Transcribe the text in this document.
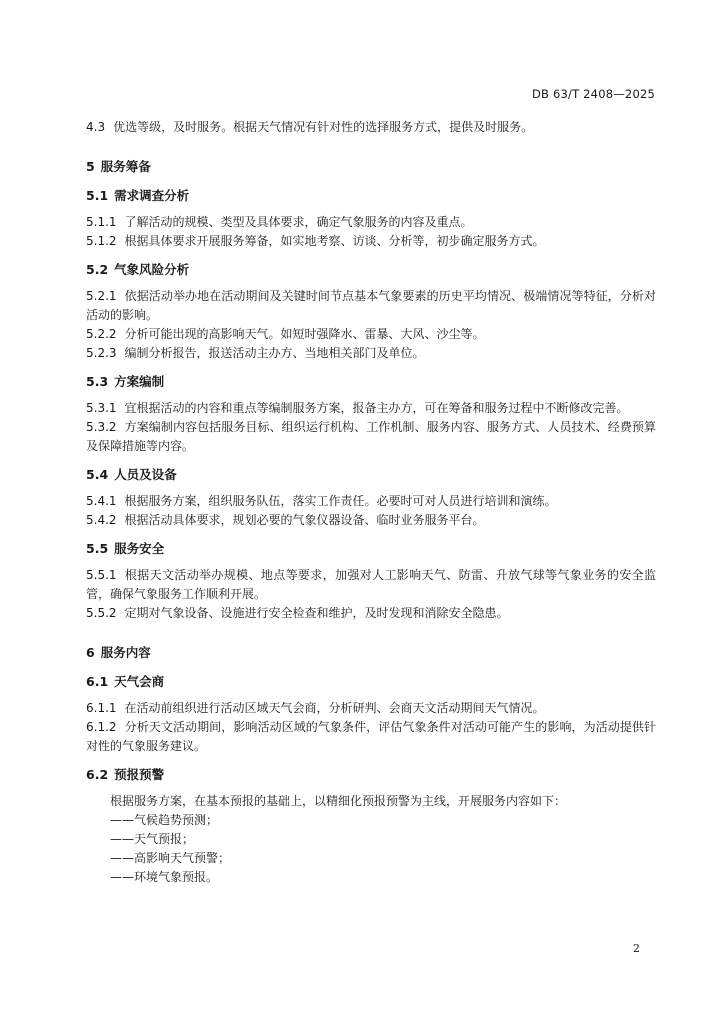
DB 63/T 2408—2025
4.3 优选等级，及时服务。根据天气情况有针对性的选择服务方式，提供及时服务。
5 服务筹备
5.1 需求调查分析
5.1.1 了解活动的规模、类型及具体要求，确定气象服务的内容及重点。
5.1.2 根据具体要求开展服务筹备，如实地考察、访谈、分析等，初步确定服务方式。
5.2 气象风险分析
5.2.1 依据活动举办地在活动期间及关键时间节点基本气象要素的历史平均情况、极端情况等特征，分析对活动的影响。
5.2.2 分析可能出现的高影响天气。如短时强降水、雷暴、大风、沙尘等。
5.2.3 编制分析报告，报送活动主办方、当地相关部门及单位。
5.3 方案编制
5.3.1 宜根据活动的内容和重点等编制服务方案，报备主办方，可在筹备和服务过程中不断修改完善。
5.3.2 方案编制内容包括服务目标、组织运行机构、工作机制、服务内容、服务方式、人员技术、经费预算及保障措施等内容。
5.4 人员及设备
5.4.1 根据服务方案，组织服务队伍，落实工作责任。必要时可对人员进行培训和演练。
5.4.2 根据活动具体要求，规划必要的气象仪器设备、临时业务服务平台。
5.5 服务安全
5.5.1 根据天文活动举办规模、地点等要求，加强对人工影响天气、防雷、升放气球等气象业务的安全监管，确保气象服务工作顺利开展。
5.5.2 定期对气象设备、设施进行安全检查和维护，及时发现和消除安全隐患。
6 服务内容
6.1 天气会商
6.1.1 在活动前组织进行活动区域天气会商，分析研判、会商天文活动期间天气情况。
6.1.2 分析天文活动期间，影响活动区域的气象条件，评估气象条件对活动可能产生的影响，为活动提供针对性的气象服务建议。
6.2 预报预警
根据服务方案，在基本预报的基础上，以精细化预报预警为主线，开展服务内容如下：
——气候趋势预测；
——天气预报；
——高影响天气预警；
——环境气象预报。
2
